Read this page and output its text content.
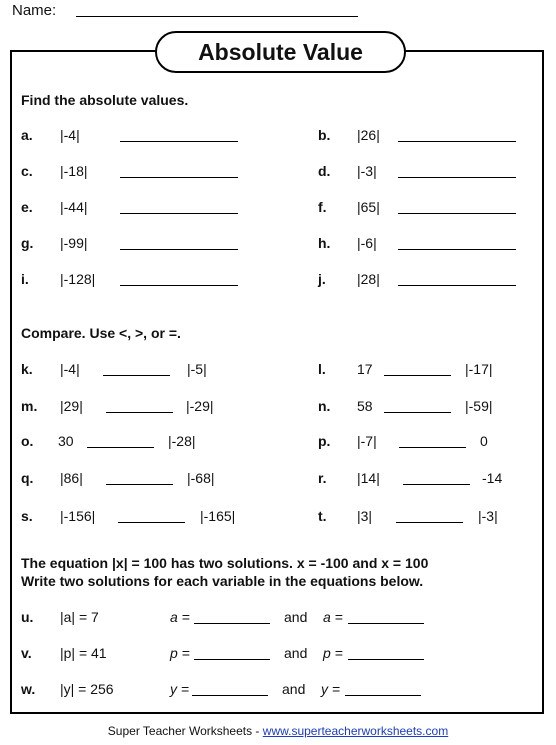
Name:
Absolute Value
Find the absolute values.
a. |-4|	b. |26|
c. |-18|	d. |-3|
e. |-44|	f. |65|
g. |-99|	h. |-6|
i. |-128|	j. |28|
Compare. Use <, >, or =.
k. |-4|	|-5|	l. 17	|-17|
m. |29|	|-29|	n. 58	|-59|
o. 30	|-28|	p. |-7|	0
q. |86|	|-68|	r. |14|	-14
s. |-156|	|-165|	t. |3|	|-3|
The equation |x| = 100 has two solutions. x = -100 and x = 100
Write two solutions for each variable in the equations below.
u. |a| = 7	a =	and a =
v. |p| = 41	p =	and p =
w. |y| = 256	y =	and y =
Super Teacher Worksheets - www.superteacherworksheets.com
